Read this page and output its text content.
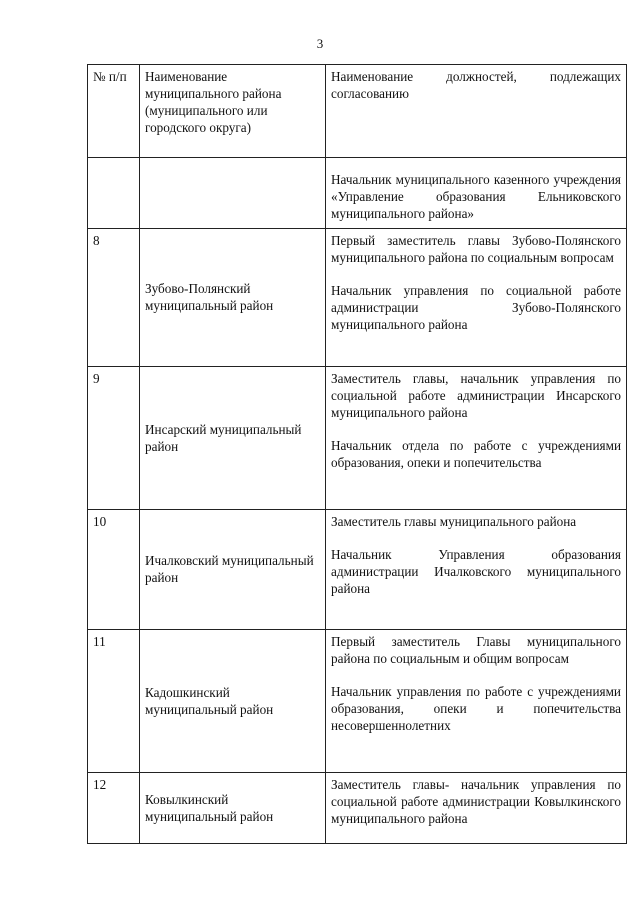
3
№ п/п	Наименование муниципального района (муниципального или городского округа)	Наименование должностей, подлежащих согласованию

		Начальник муниципального казенного учреждения «Управление образования Ельниковского муниципального района»

8	Зубово-Полянский муниципальный район	Первый заместитель главы Зубово-Полянского муниципального района по социальным вопросам
Начальник управления по социальной работе администрации Зубово-Полянского муниципального района

9	Инсарский муниципальный район	Заместитель главы, начальник управления по социальной работе администрации Инсарского муниципального района
Начальник отдела по работе с учреждениями образования, опеки и попечительства

10	Ичалковский муниципальный район	Заместитель главы муниципального района
Начальник Управления образования администрации Ичалковского муниципального района

11	Кадошкинский муниципальный район	Первый заместитель Главы муниципального района по социальным и общим вопросам
Начальник управления по работе с учреждениями образования, опеки и попечительства несовершеннолетних

12	Ковылкинский муниципальный район	Заместитель главы- начальник управления по социальной работе администрации Ковылкинского муниципального района
